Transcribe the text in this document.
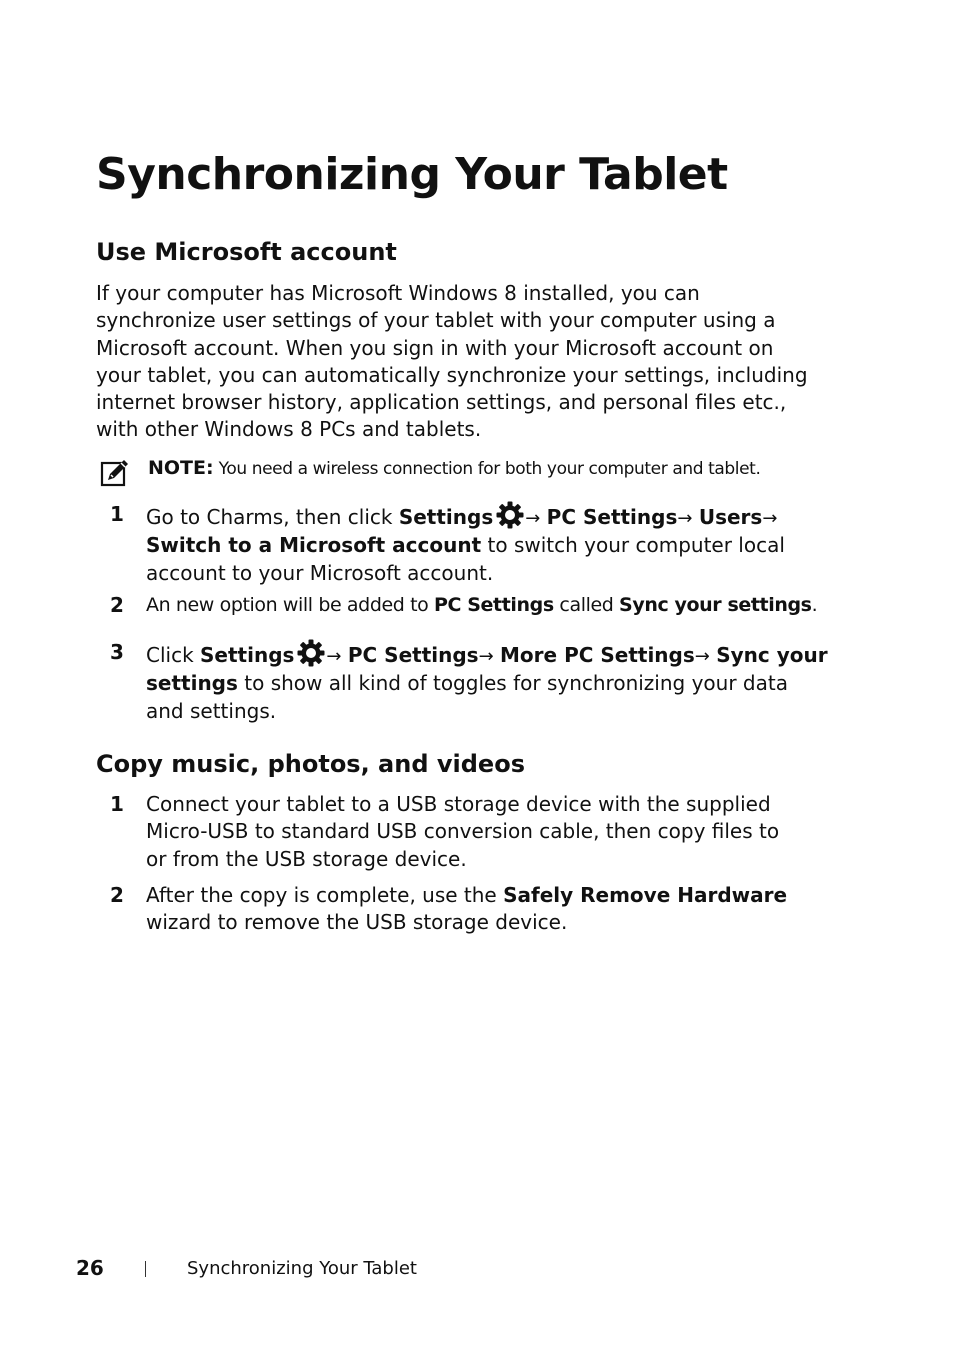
Synchronizing Your Tablet
Use Microsoft account

If your computer has Microsoft Windows 8 installed, you can
synchronize user settings of your tablet with your computer using a
Microsoft account. When you sign in with your Microsoft account on
your tablet, you can automatically synchronize your settings, including
internet browser history, application settings, and personal files etc.,
with other Windows 8 PCs and tablets.

NOTE: You need a wireless connection for both your computer and tablet.
1 Go to Charms, then click Settings → PC Settings→ Users→
Switch to a Microsoft account to switch your computer local
account to your Microsoft account.

2 An new option will be added to PC Settings called Sync your settings.

3 Click Settings → PC Settings→ More PC Settings→ Sync your
settings to show all kind of toggles for synchronizing your data
and settings.

Copy music, photos, and videos
1 Connect your tablet to a USB storage device with the supplied
Micro-USB to standard USB conversion cable, then copy files to
or from the USB storage device.

2 After the copy is complete, use the Safely Remove Hardware
wizard to remove the USB storage device.

26	Synchronizing Your Tablet
